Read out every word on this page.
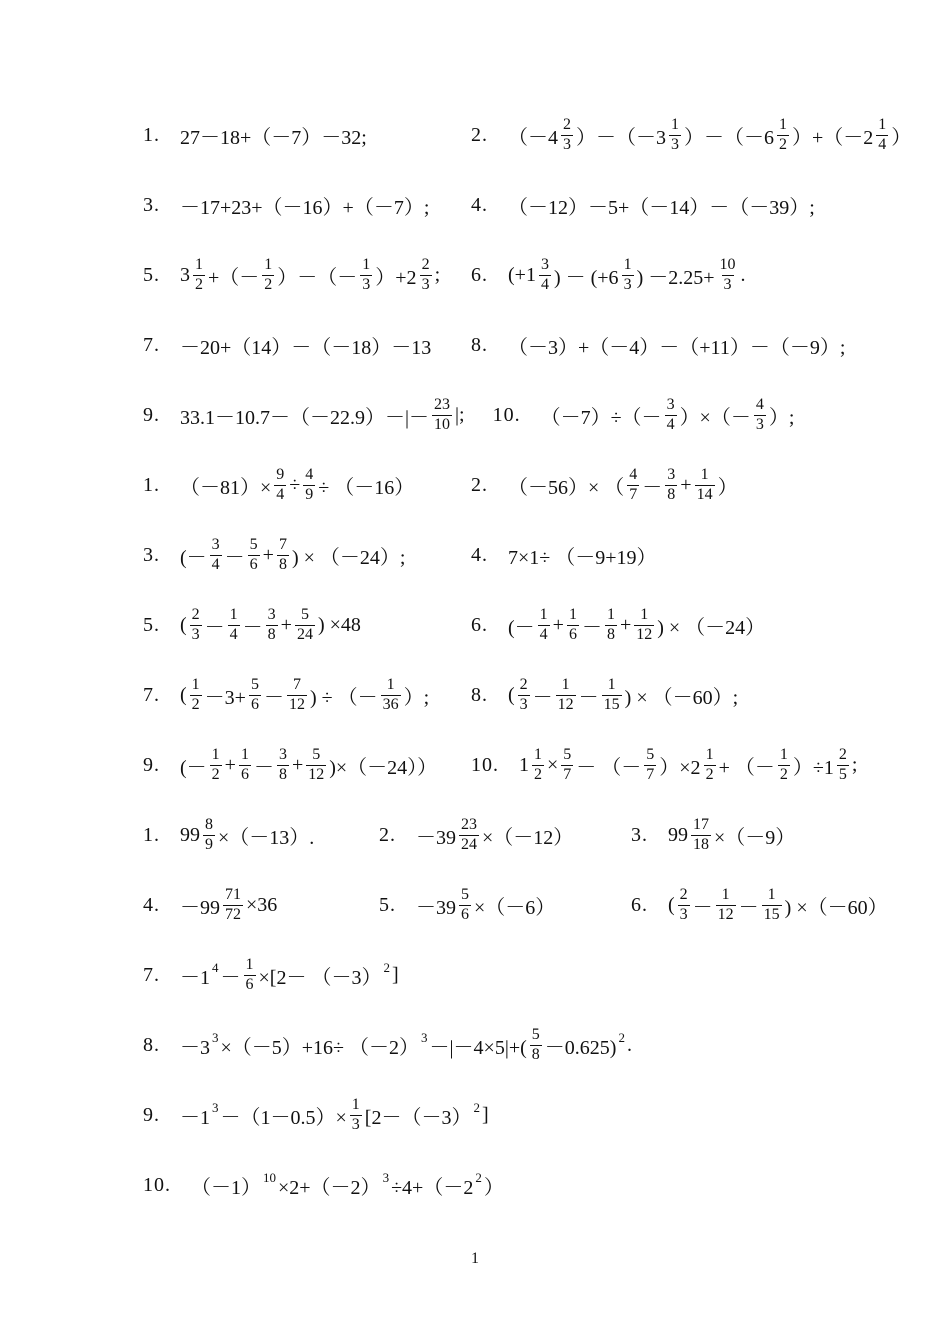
1. 27－18+（－7）－32;	2. $(-4 \frac{2}{3} )-(-3 \frac{1}{3} )-(-6 \frac{1}{2} )+(-2 \frac{1}{4}$ ）
3. －17+23+（－16）+（－7）; 4. （－12）－5+（－14）－（－39）;
5. $3 \frac{1}{2}$ +（－ $\frac{1}{2}$ ）－（－ $\frac{1}{3} )+2 \frac{2}{3}$ ; 6. ($+1 \frac{3}{4}$ ) － ($+6 \frac{1}{3}$ ) $-2.25+ \frac{10}{3}$ .
7. －20+（14）－（－18）－13 8. （－3）+（－4）－（+11）－（－9）;
9. $33.1-10.7-(-22.9)-|- \frac{23}{10}$ |; 10. $(-7)\div(- \frac{3}{4}$ ）×（－ $\frac{4}{3}$ ）;
1. $(-81)\times \frac{9}{4} \div \frac{4}{9} \div (-16)$	2. （－56）× （ $\frac{4}{7} - \frac{3}{8} + \frac{1}{14}$ ）
3. (－ $\frac{3}{4} - \frac{5}{6} + \frac{7}{8}$ ) × （－24）;	4. 7×1÷ （－9+19）
5. ( $\frac{2}{3} - \frac{1}{4} - \frac{3}{8} + \frac{5}{24}$ ) ×48	6. (－ $\frac{1}{4} + \frac{1}{6} - \frac{1}{8} + \frac{1}{12}$ ) × （－24）
7. ( $\frac{1}{2} -3+ \frac{5}{6} - \frac{7}{12}$ ) ÷ （－ $\frac{1}{36}$ ）; 8. ( $\frac{2}{3} - \frac{1}{12} - \frac{1}{15}$ ) × （－60）;
9. (－ $\frac{1}{2} + \frac{1}{6} - \frac{3}{8} + \frac{5}{12} )\times(-24)$） 10. $1 \frac{1}{2} \times \frac{5}{7}$ － （－ $\frac{5}{7} )\times 2 \frac{1}{2}$ + （－ $\frac{1}{2} )\div 1 \frac{2}{5}$ ;
1. $99 \frac{8}{9} \times(-13)$.	2. $-39 \frac{23}{24} \times(-12)$	3. $99 \frac{17}{18} \times(-9)$
4. $-99 \frac{71}{72} \times 36$	5. $-39 \frac{5}{6} \times(-6)$	6. ( $\frac{2}{3} - \frac{1}{12} - \frac{1}{15}$ ) ×（－60）
7. －1 $4 - \frac{1}{6} \times[2- (-3)$ 2 ]
8. －3 3 ×（－5）+16÷ （－2） $3 -|-4\times 5|+( \frac{5}{8} -0.625)$ 2 .
9. －1 $3 -(1-0.5)\times \frac{1}{3} [2-(-3)$ 2 ]
10. （－1） 10 ×2+（－2） 3 ÷4+（－2 2 ）
1
